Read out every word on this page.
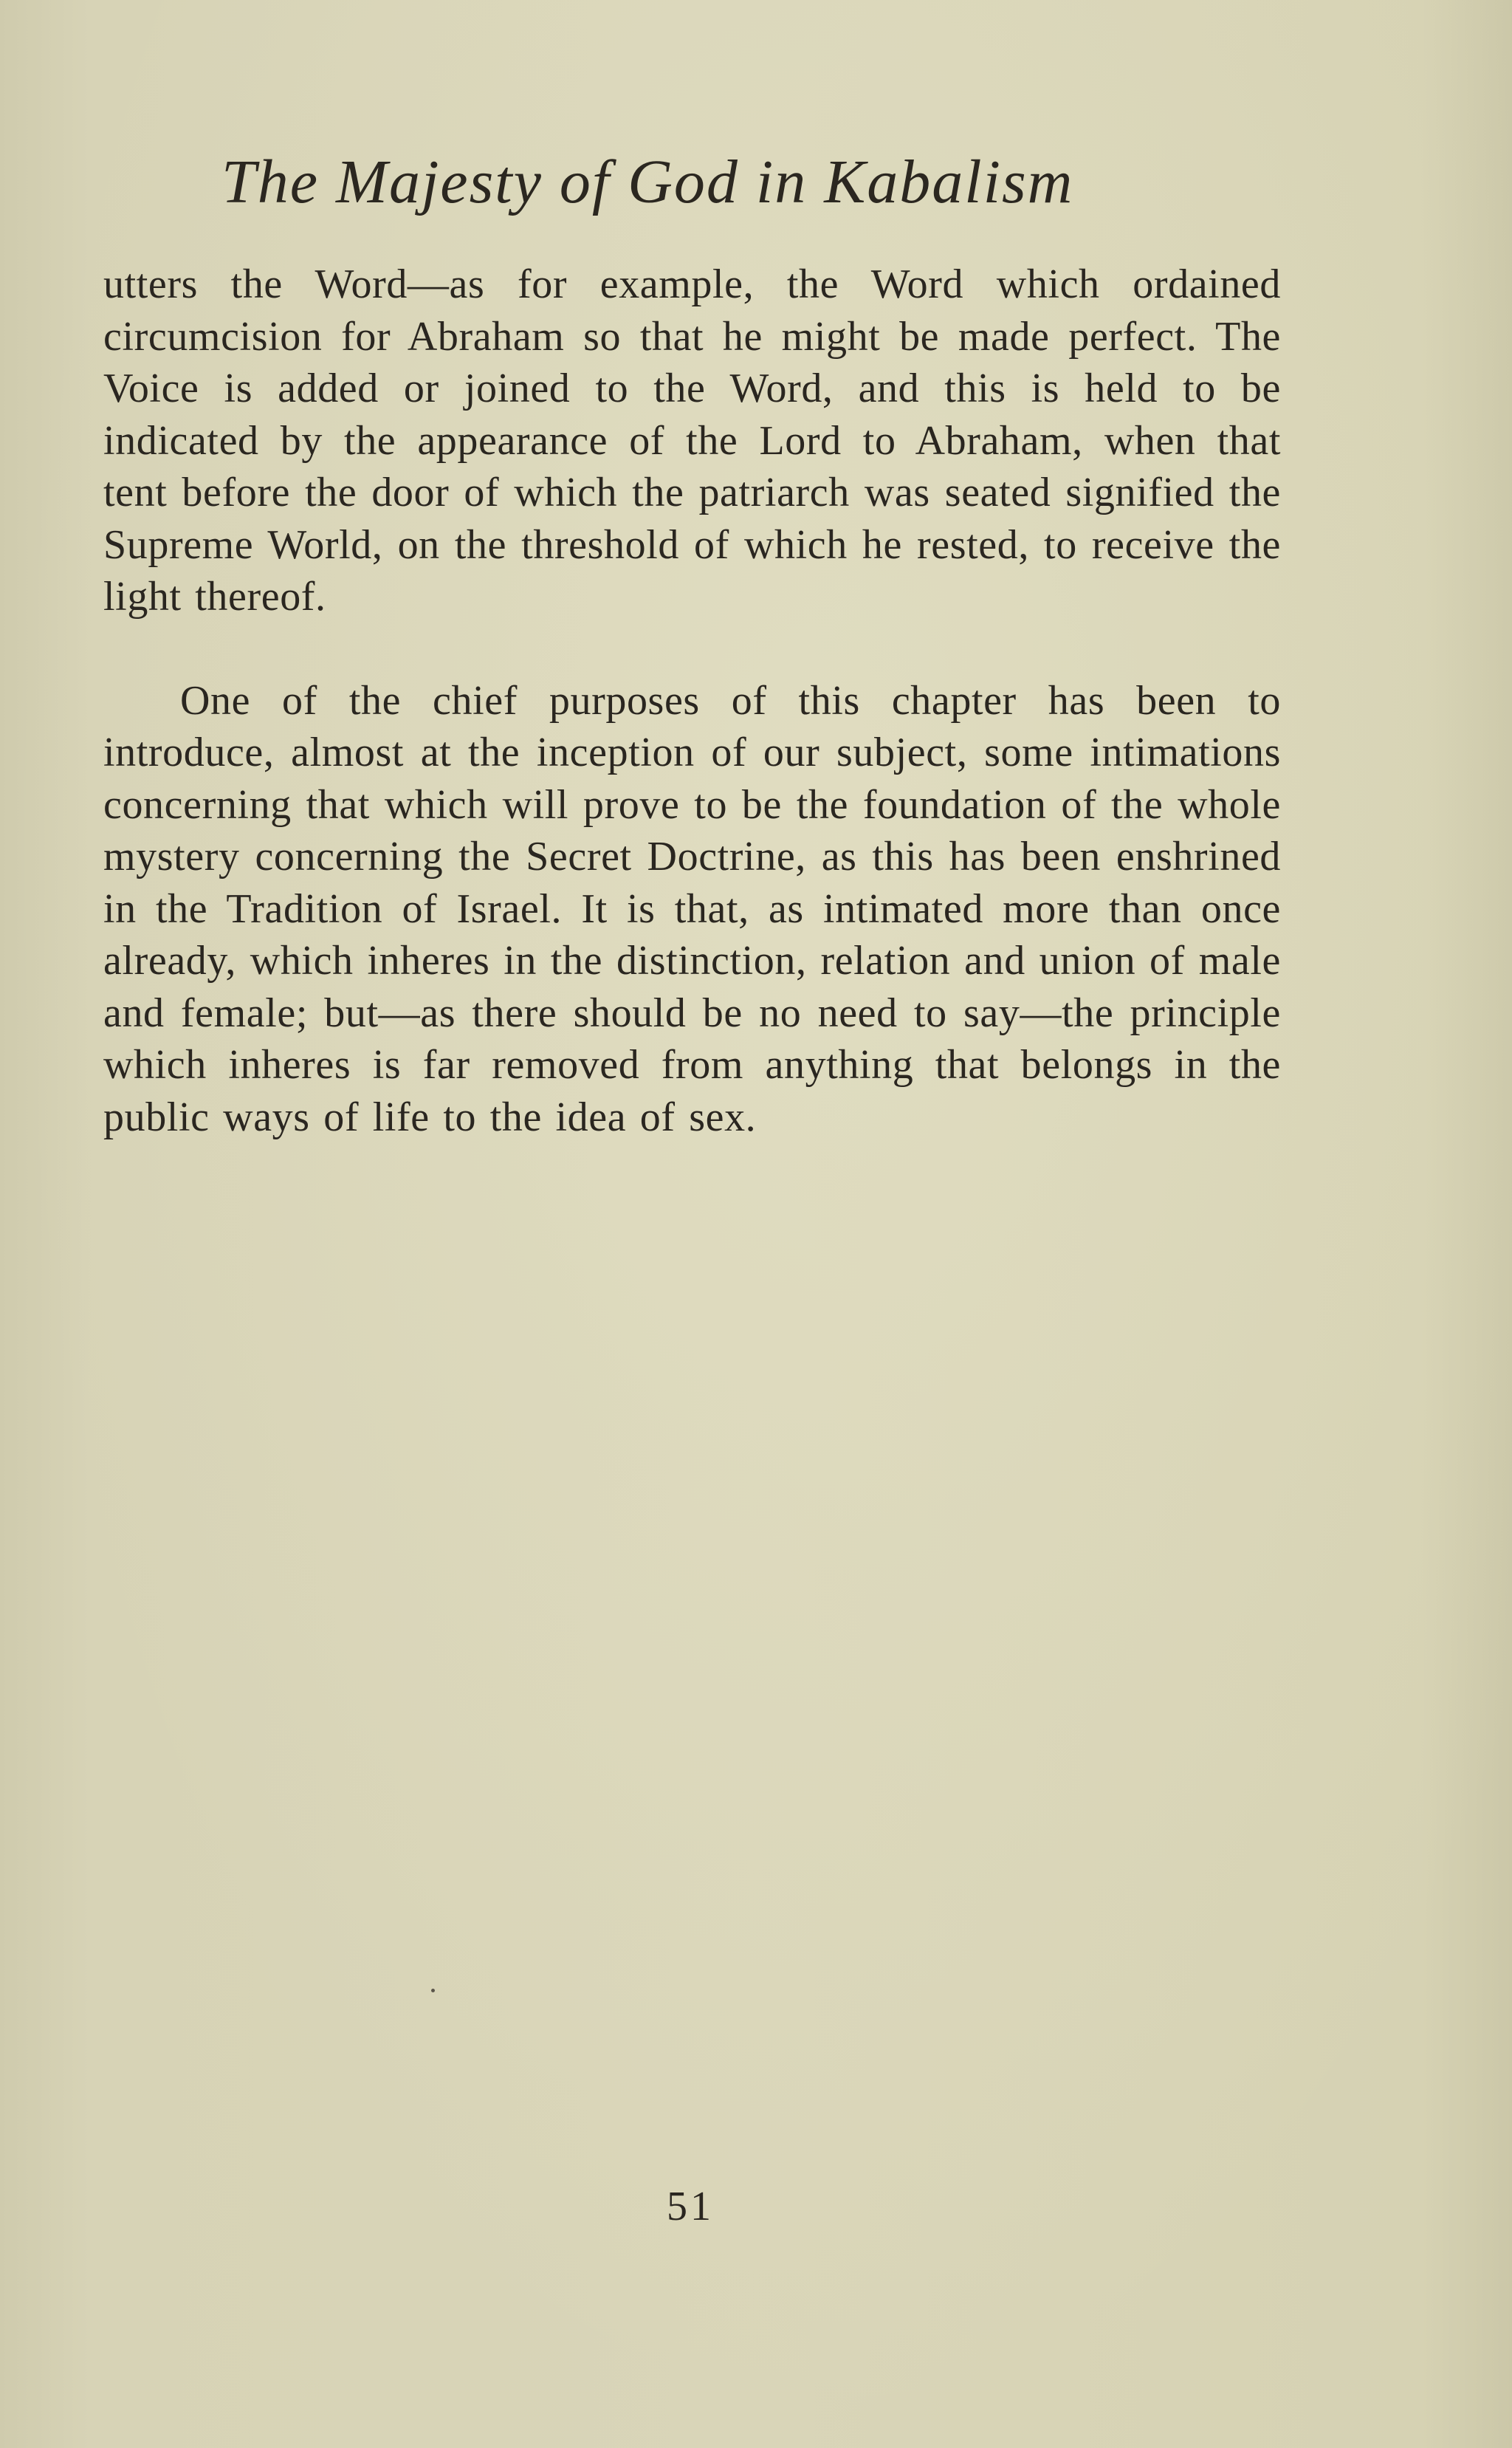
The Majesty of God in Kabalism

utters the Word—as for example, the Word which ordained circumcision for Abraham so that he might be made perfect. The Voice is added or joined to the Word, and this is held to be indicated by the appearance of the Lord to Abraham, when that tent before the door of which the patriarch was seated signified the Supreme World, on the threshold of which he rested, to receive the light thereof.

One of the chief purposes of this chapter has been to introduce, almost at the inception of our subject, some intimations concerning that which will prove to be the foundation of the whole mystery concerning the Secret Doctrine, as this has been enshrined in the Tradition of Israel. It is that, as intimated more than once already, which inheres in the distinction, relation and union of male and female; but—as there should be no need to say—the principle which inheres is far removed from anything that belongs in the public ways of life to the idea of sex.

51
